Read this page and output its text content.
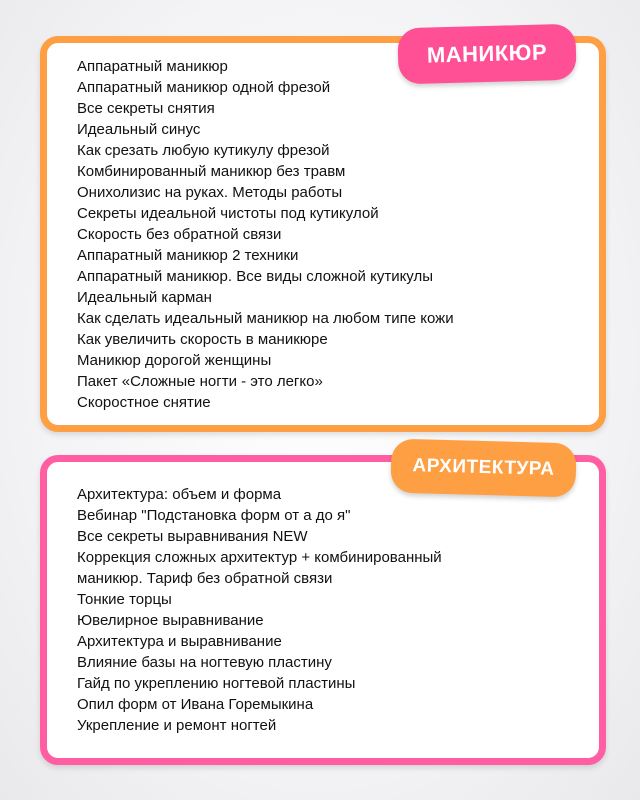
Аппаратный маникюр
Аппаратный маникюр одной фрезой
Все секреты снятия
Идеальный синус
Как срезать любую кутикулу фрезой
Комбинированный маникюр без травм
Онихолизис на руках. Методы работы
Секреты идеальной чистоты под кутикулой
Скорость без обратной связи
Аппаратный маникюр 2 техники
Аппаратный маникюр. Все виды сложной кутикулы
Идеальный карман
Как сделать идеальный маникюр на любом типе кожи
Как увеличить скорость в маникюре
Маникюр дорогой женщины
Пакет «Сложные ногти - это легко»
Скоростное снятие
МАНИКЮР
Архитектура: объем и форма
Вебинар "Подстановка форм от а до я"
Все секреты выравнивания NEW
Коррекция сложных архитектур + комбинированный
маникюр. Тариф без обратной связи
Тонкие торцы
Ювелирное выравнивание
Архитектура и выравнивание
Влияние базы на ногтевую пластину
Гайд по укреплению ногтевой пластины
Опил форм от Ивана Горемыкина
Укрепление и ремонт ногтей
АРХИТЕКТУРА
